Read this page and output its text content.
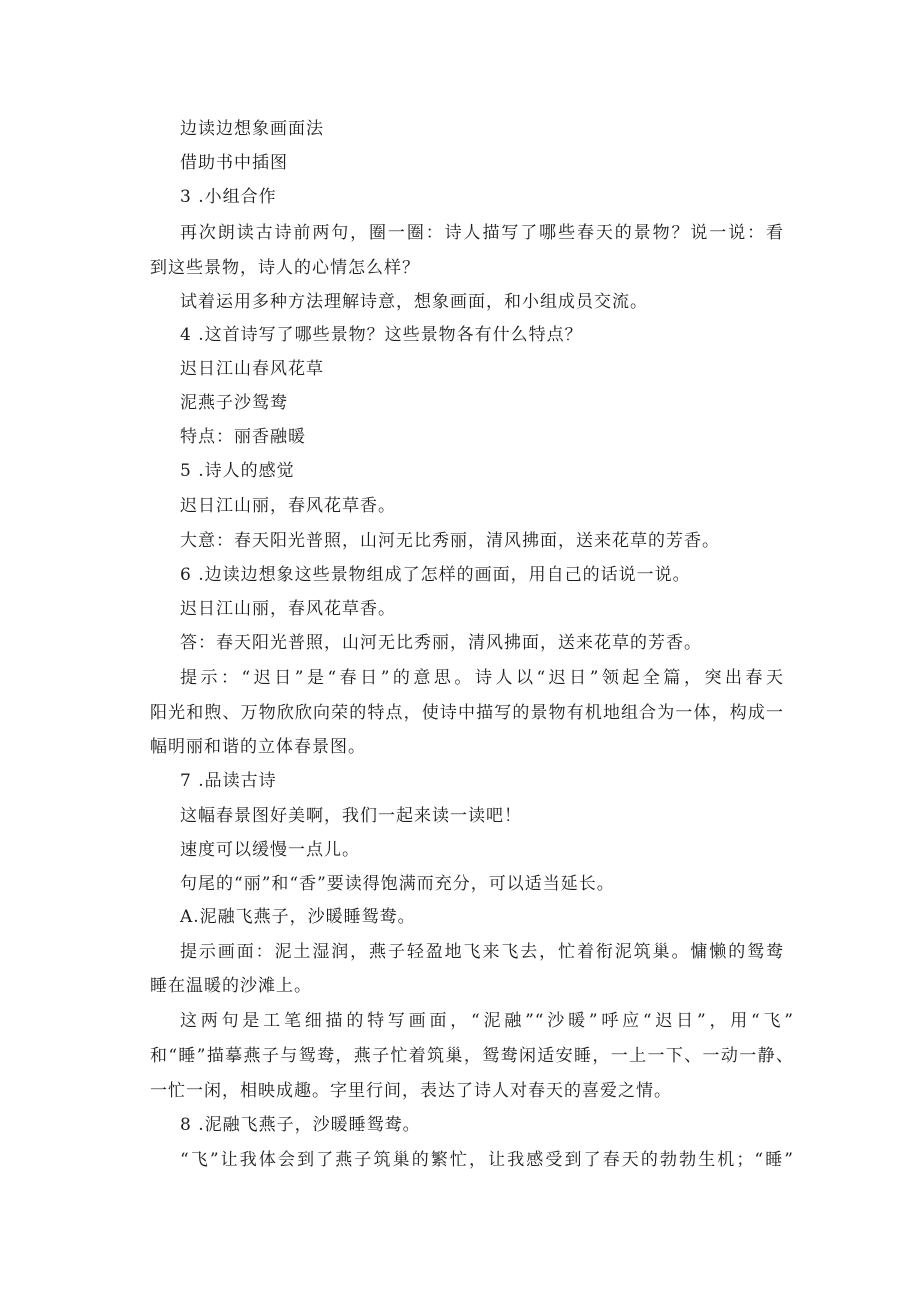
边读边想象画面法
借助书中插图
3 .小组合作
再次朗读古诗前两句，圈一圈：诗人描写了哪些春天的景物？说一说：看
到这些景物，诗人的心情怎么样？
试着运用多种方法理解诗意，想象画面，和小组成员交流。
4 .这首诗写了哪些景物？这些景物各有什么特点？
迟日江山春风花草
泥燕子沙鸳鸯
特点：丽香融暖
5 .诗人的感觉
迟日江山丽，春风花草香。
大意：春天阳光普照，山河无比秀丽，清风拂面，送来花草的芳香。
6 .边读边想象这些景物组成了怎样的画面，用自己的话说一说。
迟日江山丽，春风花草香。
答：春天阳光普照，山河无比秀丽，清风拂面，送来花草的芳香。
提示：“迟日”是“春日”的意思。诗人以“迟日”领起全篇，突出春天
阳光和煦、万物欣欣向荣的特点，使诗中描写的景物有机地组合为一体，构成一
幅明丽和谐的立体春景图。
7 .品读古诗
这幅春景图好美啊，我们一起来读一读吧！
速度可以缓慢一点儿。
句尾的“丽”和“香”要读得饱满而充分，可以适当延长。
A.泥融飞燕子，沙暖睡鸳鸯。
提示画面：泥土湿润，燕子轻盈地飞来飞去，忙着衔泥筑巢。慵懒的鸳鸯
睡在温暖的沙滩上。
这两句是工笔细描的特写画面，“泥融”“沙暖”呼应“迟日”，用“飞”
和“睡”描摹燕子与鸳鸯，燕子忙着筑巢，鸳鸯闲适安睡，一上一下、一动一静、
一忙一闲，相映成趣。字里行间，表达了诗人对春天的喜爱之情。
8 .泥融飞燕子，沙暖睡鸳鸯。
“飞”让我体会到了燕子筑巢的繁忙，让我感受到了春天的勃勃生机；“睡”
